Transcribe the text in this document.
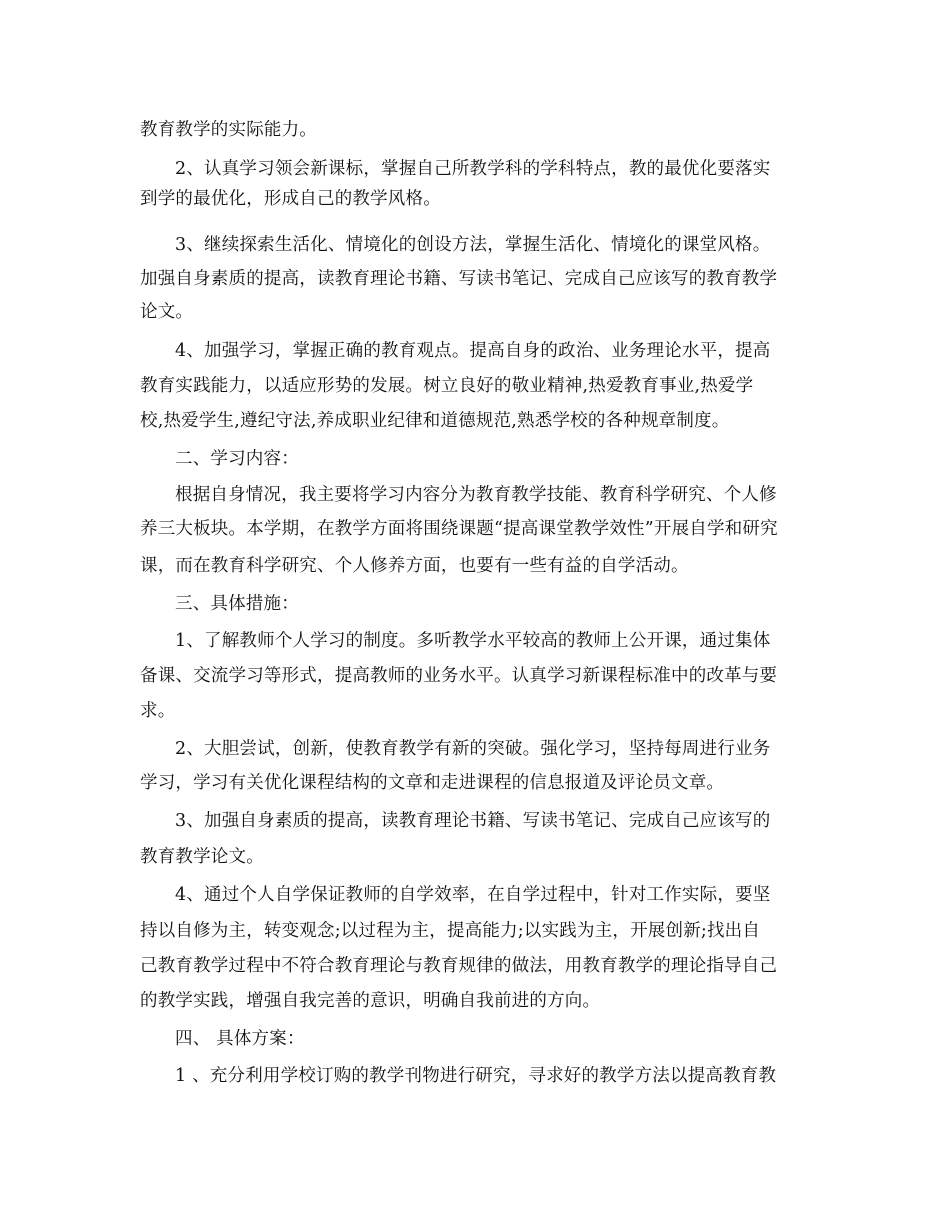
教育教学的实际能力。
2、认真学习领会新课标，掌握自己所教学科的学科特点，教的最优化要落实
到学的最优化，形成自己的教学风格。
3、继续探索生活化、情境化的创设方法，掌握生活化、情境化的课堂风格。
加强自身素质的提高，读教育理论书籍、写读书笔记、完成自己应该写的教育教学
论文。
4、加强学习，掌握正确的教育观点。提高自身的政治、业务理论水平，提高
教育实践能力，以适应形势的发展。树立良好的敬业精神,热爱教育事业,热爱学
校,热爱学生,遵纪守法,养成职业纪律和道德规范,熟悉学校的各种规章制度。
二、学习内容：
根据自身情况，我主要将学习内容分为教育教学技能、教育科学研究、个人修
养三大板块。本学期，在教学方面将围绕课题“提高课堂教学效性”开展自学和研究
课，而在教育科学研究、个人修养方面，也要有一些有益的自学活动。
三、具体措施：
1、了解教师个人学习的制度。多听教学水平较高的教师上公开课，通过集体
备课、交流学习等形式，提高教师的业务水平。认真学习新课程标准中的改革与要
求。
2、大胆尝试，创新，使教育教学有新的突破。强化学习，坚持每周进行业务
学习，学习有关优化课程结构的文章和走进课程的信息报道及评论员文章。
3、加强自身素质的提高，读教育理论书籍、写读书笔记、完成自己应该写的
教育教学论文。
4、通过个人自学保证教师的自学效率，在自学过程中，针对工作实际，要坚
持以自修为主，转变观念;以过程为主，提高能力;以实践为主，开展创新;找出自
己教育教学过程中不符合教育理论与教育规律的做法，用教育教学的理论指导自己
的教学实践，增强自我完善的意识，明确自我前进的方向。
四、 具体方案：
1 、充分利用学校订购的教学刊物进行研究，寻求好的教学方法以提高教育教
